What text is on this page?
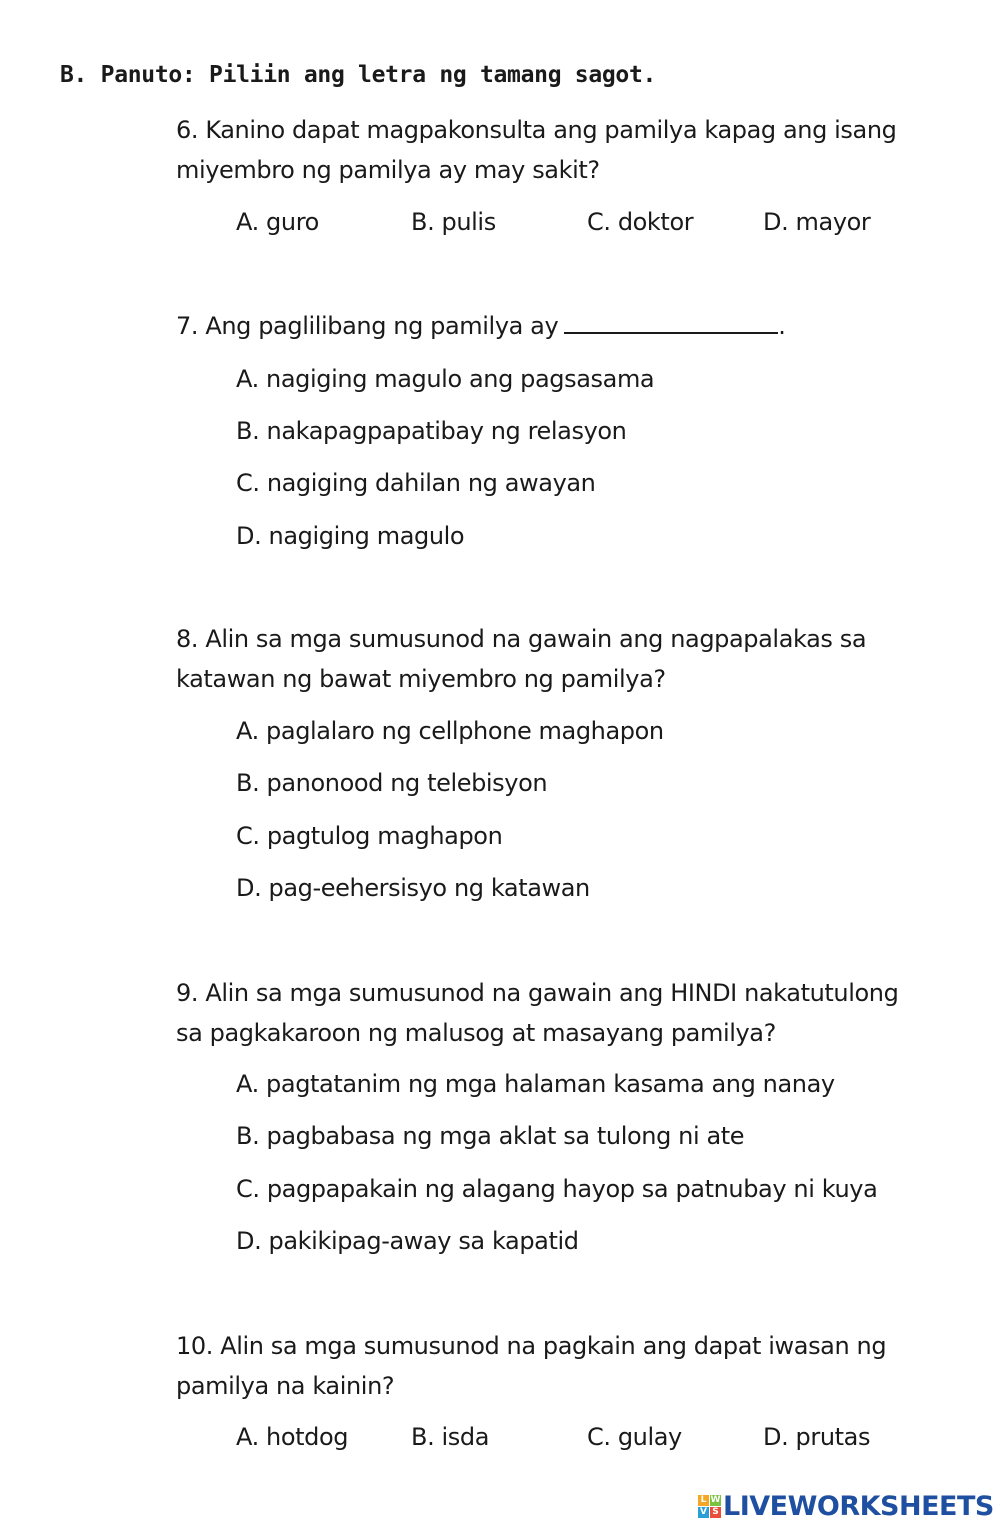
B. Panuto: Piliin ang letra ng tamang sagot.
6. Kanino dapat magpakonsulta ang pamilya kapag ang isang
miyembro ng pamilya ay may sakit?
A. guro	B. pulis	C. doktor	D. mayor
7. Ang paglilibang ng pamilya ay	.
A. nagiging magulo ang pagsasama
B. nakapagpapatibay ng relasyon
C. nagiging dahilan ng awayan
D. nagiging magulo
8. Alin sa mga sumusunod na gawain ang nagpapalakas sa
katawan ng bawat miyembro ng pamilya?
A. paglalaro ng cellphone maghapon
B. panonood ng telebisyon
C. pagtulog maghapon
D. pag-eehersisyo ng katawan
9. Alin sa mga sumusunod na gawain ang HINDI nakatutulong
sa pagkakaroon ng malusog at masayang pamilya?
A. pagtatanim ng mga halaman kasama ang nanay
B. pagbabasa ng mga aklat sa tulong ni ate
C. pagpapakain ng alagang hayop sa patnubay ni kuya
D. pakikipag-away sa kapatid
10. Alin sa mga sumusunod na pagkain ang dapat iwasan ng
pamilya na kainin?
A. hotdog	B. isda	C. gulay	D. prutas
L W
V S LIVEWORKSHEETS
